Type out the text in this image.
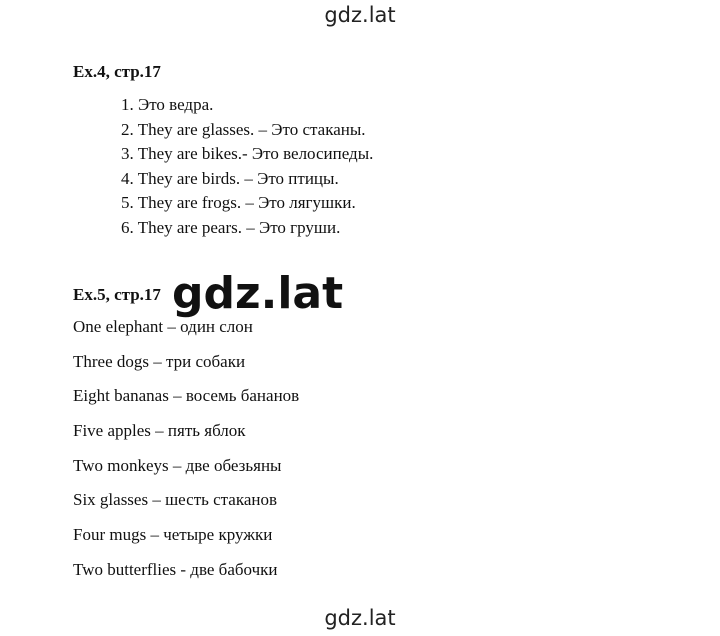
gdz.lat
Ex.4, стр.17
1. Это ведра.
2. They are glasses. – Это стаканы.
3. They are bikes.- Это велосипеды.
4. They are birds. – Это птицы.
5. They are frogs. – Это лягушки.
6. They are pears. – Это груши.
Ex.5, стр.17 gdz.lat
One elephant – один слон
Three dogs – три собаки
Eight bananas – восемь бананов
Five apples – пять яблок
Two monkeys – две обезьяны
Six glasses – шесть стаканов
Four mugs – четыре кружки
Two butterflies - две бабочки
gdz.lat
